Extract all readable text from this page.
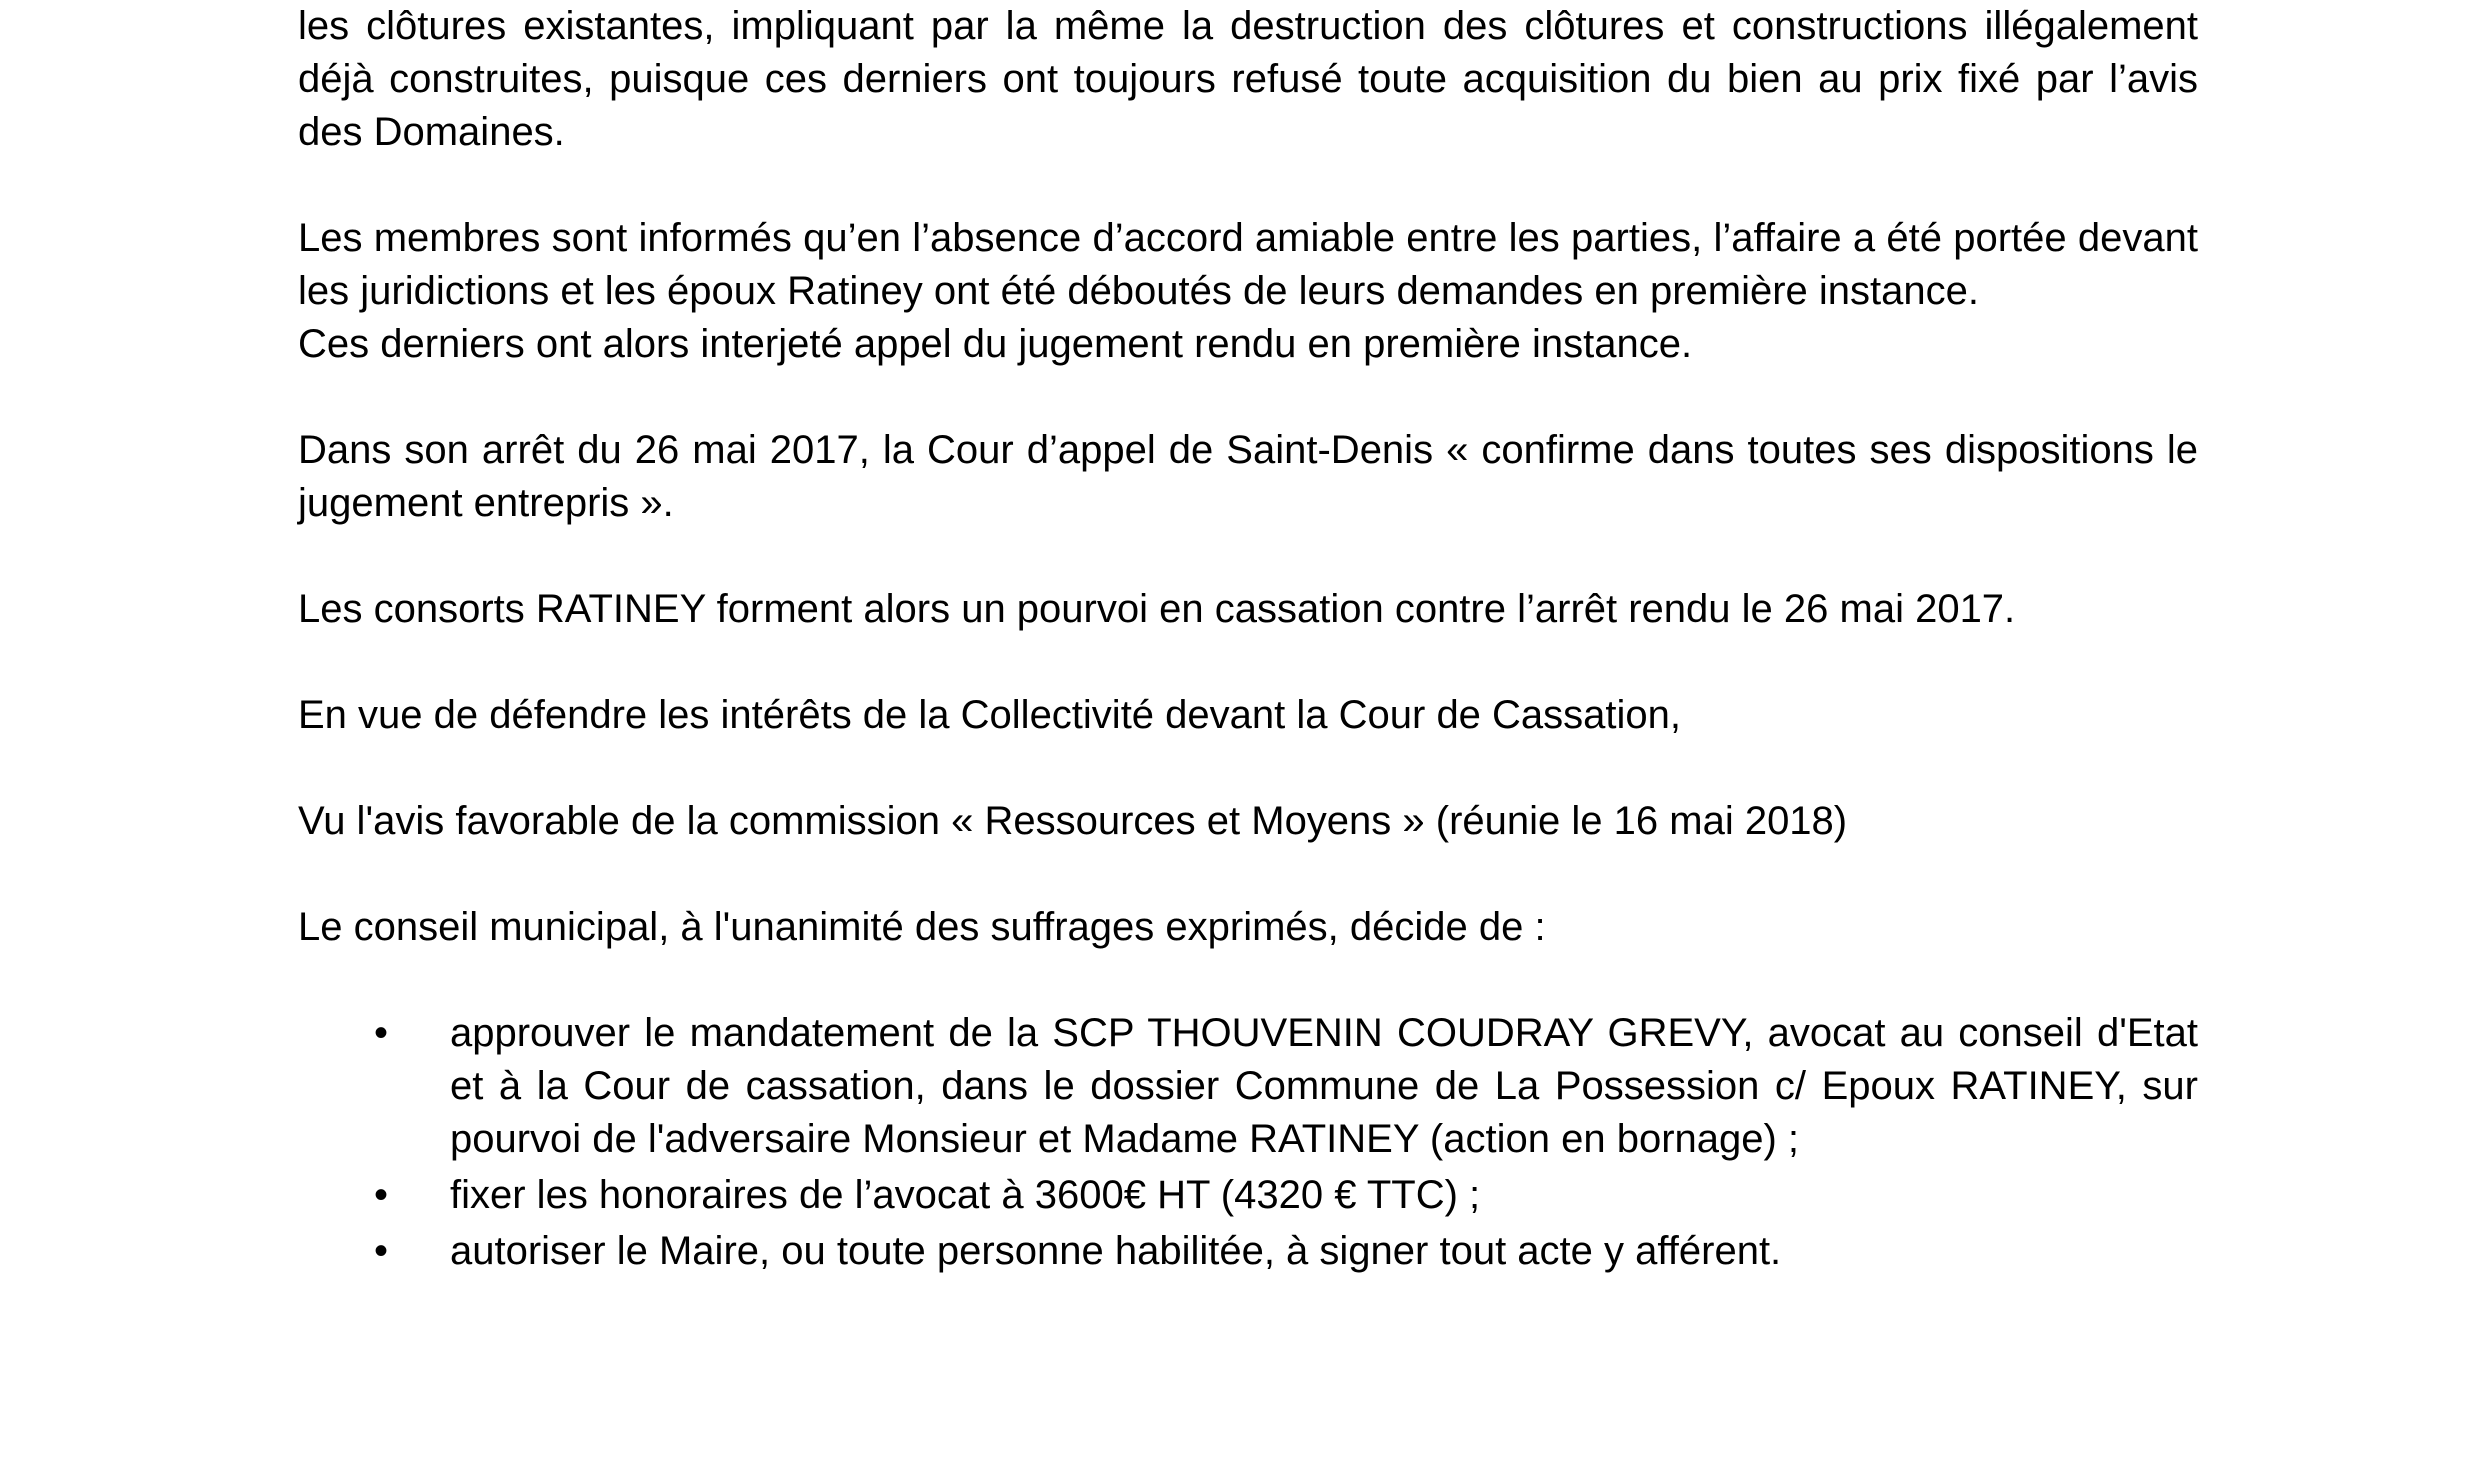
les clôtures existantes, impliquant par la même la destruction des clôtures et constructions illégalement déjà construites, puisque ces derniers ont toujours refusé toute acquisition du bien au prix fixé par l’avis des Domaines.

Les membres sont informés qu’en l’absence d’accord amiable entre les parties, l’affaire a été portée devant les juridictions et les époux Ratiney ont été déboutés de leurs demandes en première instance.

Ces derniers ont alors interjeté appel du jugement rendu en première instance.

Dans son arrêt du 26 mai 2017, la Cour d’appel de Saint-Denis « confirme dans toutes ses dispositions le jugement entrepris ».

Les consorts RATINEY forment alors un pourvoi en cassation contre l’arrêt rendu le 26 mai 2017.

En vue de défendre les intérêts de la Collectivité devant la Cour de Cassation,

Vu l'avis favorable de la commission « Ressources et Moyens » (réunie le 16 mai 2018)

Le conseil municipal, à l'unanimité des suffrages exprimés, décide de :

•	approuver le mandatement de la SCP THOUVENIN COUDRAY GREVY, avocat au conseil d'Etat et à la Cour de cassation, dans le dossier Commune de La Possession c/ Epoux RATINEY, sur pourvoi de l'adversaire Monsieur et Madame RATINEY (action en bornage) ;
•	fixer les honoraires de l’avocat à 3600€ HT (4320 € TTC) ;
•	autoriser le Maire, ou toute personne habilitée, à signer tout acte y afférent.
